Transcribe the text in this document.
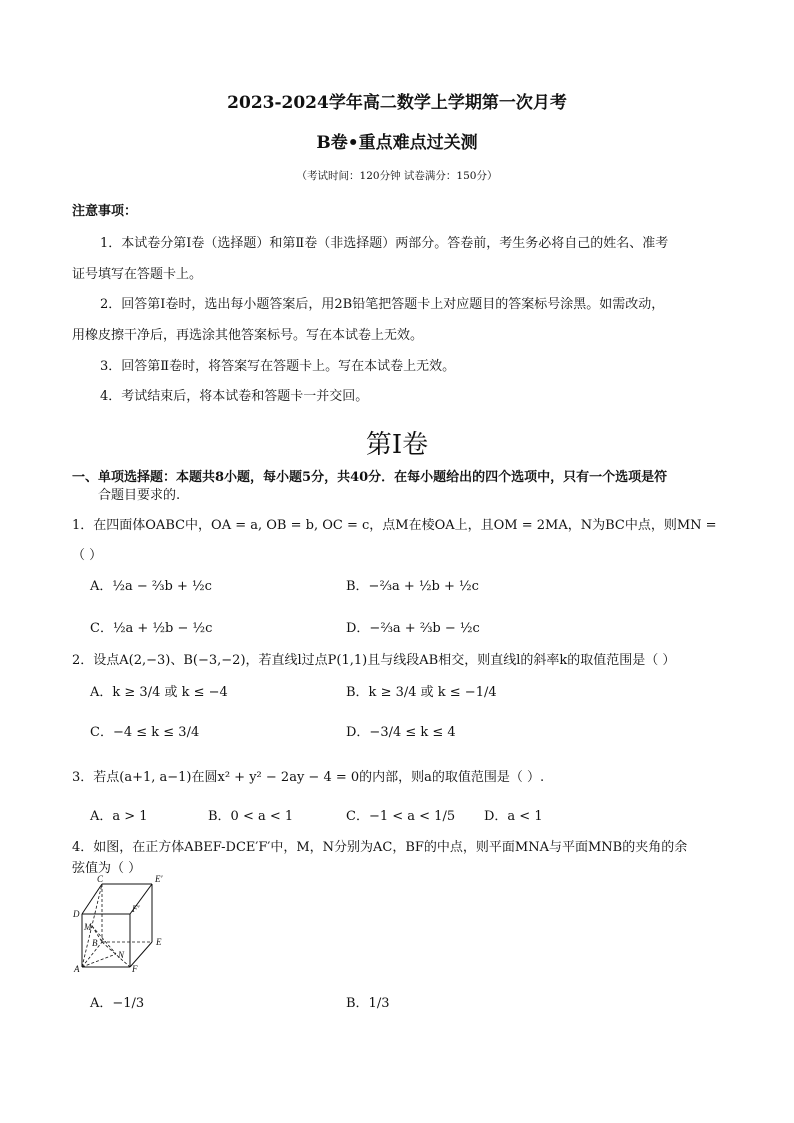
2023-2024学年高二数学上学期第一次月考
B卷•重点难点过关测
（考试时间：120分钟 试卷满分：150分）
注意事项：
1．本试卷分第Ⅰ卷（选择题）和第Ⅱ卷（非选择题）两部分。答卷前，考生务必将自己的姓名、准考
证号填写在答题卡上。
2．回答第Ⅰ卷时，选出每小题答案后，用2B铅笔把答题卡上对应题目的答案标号涂黑。如需改动，
用橡皮擦干净后，再选涂其他答案标号。写在本试卷上无效。
3．回答第Ⅱ卷时，将答案写在答题卡上。写在本试卷上无效。
4．考试结束后，将本试卷和答题卡一并交回。
第Ⅰ卷
一、单项选择题：本题共8小题，每小题5分，共40分．在每小题给出的四个选项中，只有一个选项是符
合题目要求的.
1．在四面体OABC中，OA = a, OB = b, OC = c，点M在棱OA上，且OM = 2MA，N为BC中点，则MN =
（ ）
A．½a − ⅔b + ½c	B．−⅔a + ½b + ½c
C．½a + ½b − ½c	D．−⅔a + ⅔b − ½c
2．设点A(2,−3)、B(−3,−2)，若直线l过点P(1,1)且与线段AB相交，则直线l的斜率k的取值范围是（ ）
A．k ≥ 3/4 或 k ≤ −4	B．k ≥ 3/4 或 k ≤ −1/4
C．−4 ≤ k ≤ 3/4	D．−3/4 ≤ k ≤ 4
3．若点(a+1, a−1)在圆x² + y² − 2ay − 4 = 0的内部，则a的取值范围是（ ）.
A．a > 1	B．0 < a < 1	C．−1 < a < 1/5 D．a < 1
4．如图，在正方体ABEF-DCE′F′中，M，N分别为AC，BF的中点，则平面MNA与平面MNB的夹角的余
弦值为（ ）
C	E′
D	F′
M
B	E
N
A	F
A．−1/3	B．1/3
